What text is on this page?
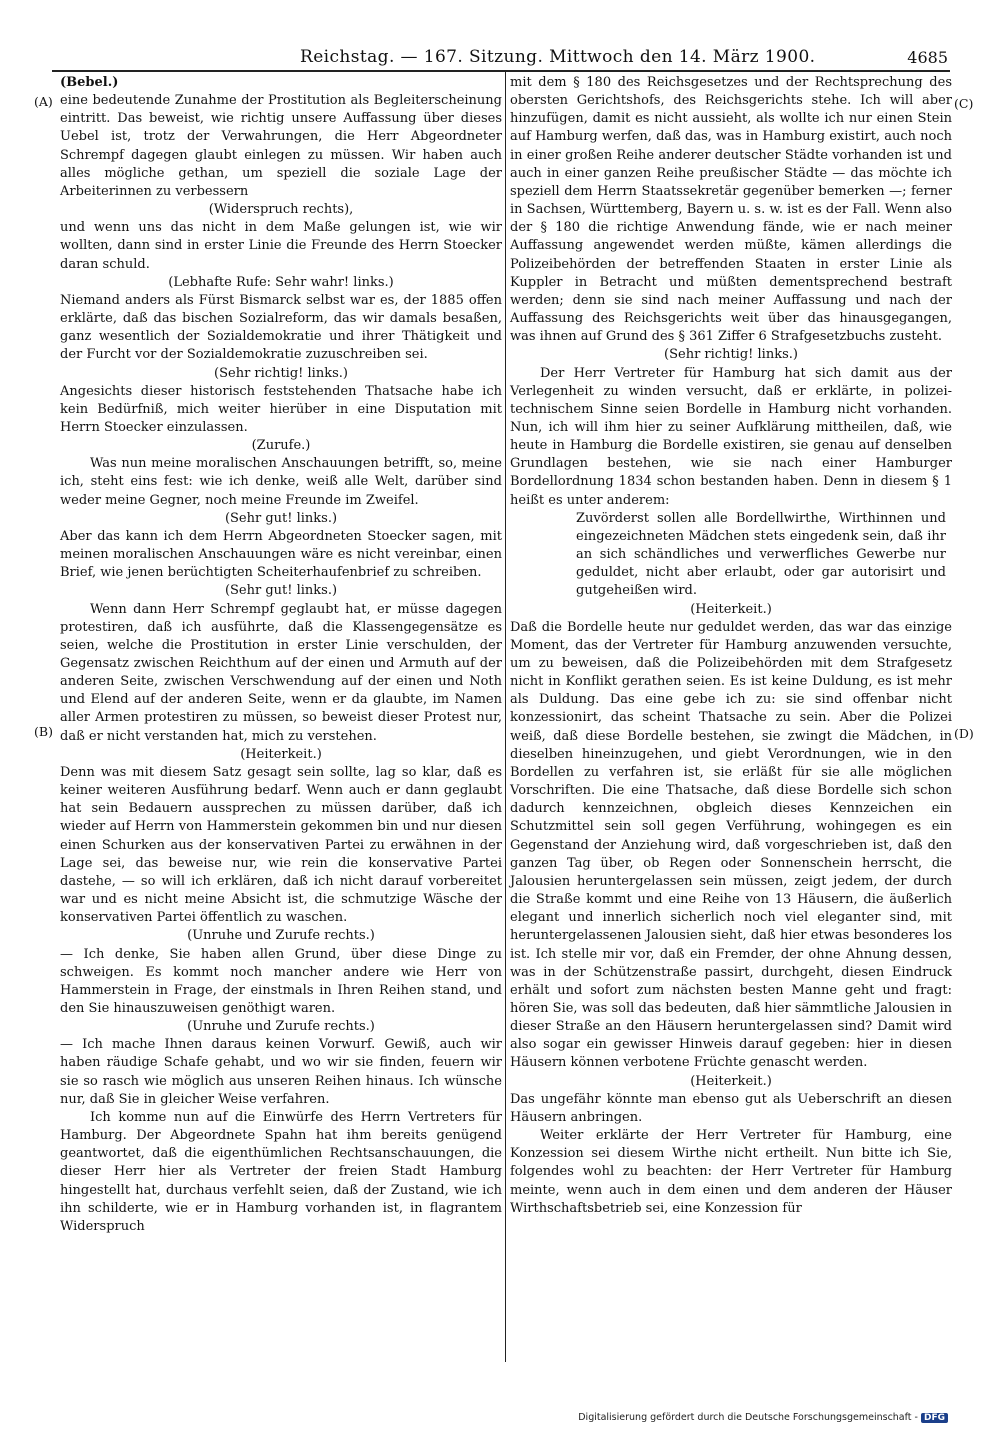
Reichstag. — 167. Sitzung. Mittwoch den 14. März 1900.	4685
(A)
(B)
(C)
(D)

(Bebel.)

eine bedeutende Zunahme der Prostitution als Begleiterscheinung eintritt. Das beweist, wie richtig unsere Auffassung über dieses Uebel ist, trotz der Verwahrungen, die Herr Abgeordneter Schrempf dagegen glaubt einlegen zu müssen. Wir haben auch alles mögliche gethan, um speziell die soziale Lage der Arbeiterinnen zu verbessern

(Widerspruch rechts),

und wenn uns das nicht in dem Maße gelungen ist, wie wir wollten, dann sind in erster Linie die Freunde des Herrn Stoecker daran schuld.

(Lebhafte Rufe: Sehr wahr! links.)

Niemand anders als Fürst Bismarck selbst war es, der 1885 offen erklärte, daß das bischen Sozialreform, das wir damals besaßen, ganz wesentlich der Sozialdemokratie und ihrer Thätigkeit und der Furcht vor der Sozialdemokratie zuzuschreiben sei.

(Sehr richtig! links.)

Angesichts dieser historisch feststehenden Thatsache habe ich kein Bedürfniß, mich weiter hierüber in eine Disputation mit Herrn Stoecker einzulassen.

(Zurufe.)

Was nun meine moralischen Anschauungen betrifft, so, meine ich, steht eins fest: wie ich denke, weiß alle Welt, darüber sind weder meine Gegner, noch meine Freunde im Zweifel.

(Sehr gut! links.)

Aber das kann ich dem Herrn Abgeordneten Stoecker sagen, mit meinen moralischen Anschauungen wäre es nicht vereinbar, einen Brief, wie jenen berüchtigten Scheiterhaufenbrief zu schreiben.

(Sehr gut! links.)

Wenn dann Herr Schrempf geglaubt hat, er müsse dagegen protestiren, daß ich ausführte, daß die Klassengegensätze es seien, welche die Prostitution in erster Linie verschulden, der Gegensatz zwischen Reichthum auf der einen und Armuth auf der anderen Seite, zwischen Verschwendung auf der einen und Noth und Elend auf der anderen Seite, wenn er da glaubte, im Namen aller Armen protestiren zu müssen, so beweist dieser Protest nur, daß er nicht verstanden hat, mich zu verstehen.

(Heiterkeit.)

Denn was mit diesem Satz gesagt sein sollte, lag so klar, daß es keiner weiteren Ausführung bedarf. Wenn auch er dann geglaubt hat sein Bedauern aussprechen zu müssen darüber, daß ich wieder auf Herrn von Hammerstein gekommen bin und nur diesen einen Schurken aus der konservativen Partei zu erwähnen in der Lage sei, das beweise nur, wie rein die konservative Partei dastehe, — so will ich erklären, daß ich nicht darauf vorbereitet war und es nicht meine Absicht ist, die schmutzige Wäsche der konservativen Partei öffentlich zu waschen.

(Unruhe und Zurufe rechts.)

— Ich denke, Sie haben allen Grund, über diese Dinge zu schweigen. Es kommt noch mancher andere wie Herr von Hammerstein in Frage, der einstmals in Ihren Reihen stand, und den Sie hinauszuweisen genöthigt waren.

(Unruhe und Zurufe rechts.)

— Ich mache Ihnen daraus keinen Vorwurf. Gewiß, auch wir haben räudige Schafe gehabt, und wo wir sie finden, feuern wir sie so rasch wie möglich aus unseren Reihen hinaus. Ich wünsche nur, daß Sie in gleicher Weise verfahren.

Ich komme nun auf die Einwürfe des Herrn Vertreters für Hamburg. Der Abgeordnete Spahn hat ihm bereits genügend geantwortet, daß die eigenthümlichen Rechtsanschauungen, die dieser Herr hier als Vertreter der freien Stadt Hamburg hingestellt hat, durchaus verfehlt seien, daß der Zustand, wie ich ihn schilderte, wie er in Hamburg vorhanden ist, in flagrantem Widerspruch

mit dem § 180 des Reichsgesetzes und der Rechtsprechung des obersten Gerichtshofs, des Reichsgerichts stehe. Ich will aber hinzufügen, damit es nicht aussieht, als wollte ich nur einen Stein auf Hamburg werfen, daß das, was in Hamburg existirt, auch noch in einer großen Reihe anderer deutscher Städte vorhanden ist und auch in einer ganzen Reihe preußischer Städte — das möchte ich speziell dem Herrn Staatssekretär gegenüber bemerken —; ferner in Sachsen, Württemberg, Bayern u. s. w. ist es der Fall. Wenn also der § 180 die richtige Anwendung fände, wie er nach meiner Auffassung angewendet werden müßte, kämen allerdings die Polizeibehörden der betreffenden Staaten in erster Linie als Kuppler in Betracht und müßten dementsprechend bestraft werden; denn sie sind nach meiner Auffassung und nach der Auffassung des Reichsgerichts weit über das hinausgegangen, was ihnen auf Grund des § 361 Ziffer 6 Strafgesetzbuchs zusteht.

(Sehr richtig! links.)

Der Herr Vertreter für Hamburg hat sich damit aus der Verlegenheit zu winden versucht, daß er erklärte, in polizei-technischem Sinne seien Bordelle in Hamburg nicht vorhanden. Nun, ich will ihm hier zu seiner Aufklärung mittheilen, daß, wie heute in Hamburg die Bordelle existiren, sie genau auf denselben Grundlagen bestehen, wie sie nach einer Hamburger Bordellordnung 1834 schon bestanden haben. Denn in diesem § 1 heißt es unter anderem:

Zuvörderst sollen alle Bordellwirthe, Wirthinnen und eingezeichneten Mädchen stets eingedenk sein, daß ihr an sich schändliches und verwerfliches Gewerbe nur geduldet, nicht aber erlaubt, oder gar autorisirt und gutgeheißen wird.

(Heiterkeit.)

Daß die Bordelle heute nur geduldet werden, das war das einzige Moment, das der Vertreter für Hamburg anzuwenden versuchte, um zu beweisen, daß die Polizeibehörden mit dem Strafgesetz nicht in Konflikt gerathen seien. Es ist keine Duldung, es ist mehr als Duldung. Das eine gebe ich zu: sie sind offenbar nicht konzessionirt, das scheint Thatsache zu sein. Aber die Polizei weiß, daß diese Bordelle bestehen, sie zwingt die Mädchen, in dieselben hineinzugehen, und giebt Verordnungen, wie in den Bordellen zu verfahren ist, sie erläßt für sie alle möglichen Vorschriften. Die eine Thatsache, daß diese Bordelle sich schon dadurch kennzeichnen, obgleich dieses Kennzeichen ein Schutzmittel sein soll gegen Verführung, wohingegen es ein Gegenstand der Anziehung wird, daß vorgeschrieben ist, daß den ganzen Tag über, ob Regen oder Sonnenschein herrscht, die Jalousien heruntergelassen sein müssen, zeigt jedem, der durch die Straße kommt und eine Reihe von 13 Häusern, die äußerlich elegant und innerlich sicherlich noch viel eleganter sind, mit heruntergelassenen Jalousien sieht, daß hier etwas besonderes los ist. Ich stelle mir vor, daß ein Fremder, der ohne Ahnung dessen, was in der Schützenstraße passirt, durchgeht, diesen Eindruck erhält und sofort zum nächsten besten Manne geht und fragt: hören Sie, was soll das bedeuten, daß hier sämmtliche Jalousien in dieser Straße an den Häusern heruntergelassen sind? Damit wird also sogar ein gewisser Hinweis darauf gegeben: hier in diesen Häusern können verbotene Früchte genascht werden.

(Heiterkeit.)

Das ungefähr könnte man ebenso gut als Ueberschrift an diesen Häusern anbringen.

Weiter erklärte der Herr Vertreter für Hamburg, eine Konzession sei diesem Wirthe nicht ertheilt. Nun bitte ich Sie, folgendes wohl zu beachten: der Herr Vertreter für Hamburg meinte, wenn auch in dem einen und dem anderen der Häuser Wirthschaftsbetrieb sei, eine Konzession für

Digitalisierung gefördert durch die Deutsche Forschungsgemeinschaft - DFG
